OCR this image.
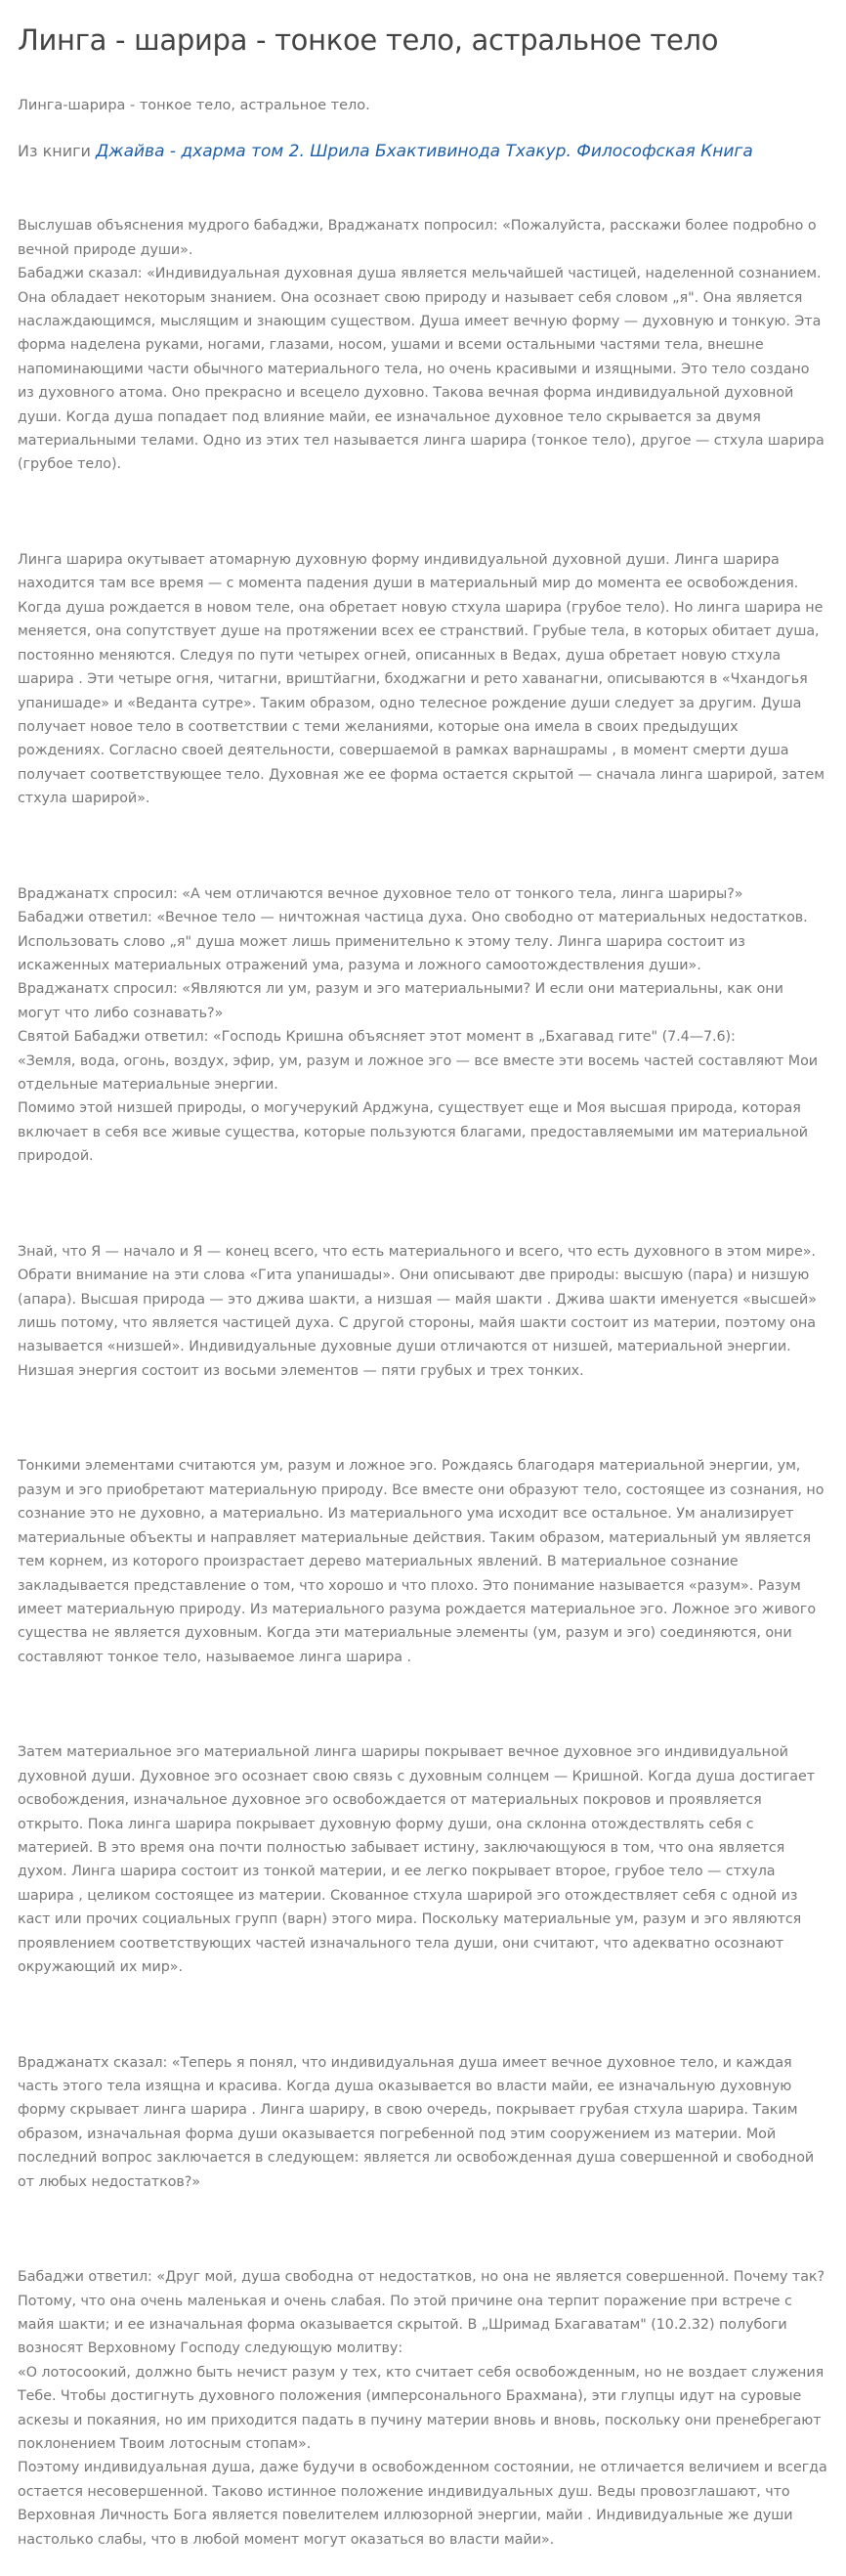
Линга - шарира - тонкое тело, астральное тело

Линга-шарира - тонкое тело, астральное тело.

Из книги Джайва - дхарма том 2. Шрила Бхактивинода Тхакур. Философская Книга

Выслушав объяснения мудрого бабаджи, Враджанатх попросил: «Пожалуйста, расскажи более подробно о вечной природе души».
Бабаджи сказал: «Индивидуальная духовная душа является мельчайшей частицей, наделенной сознанием. Она обладает некоторым знанием. Она осознает свою природу и называет себя словом „я". Она является наслаждающимся, мыслящим и знающим существом. Душа имеет вечную форму — духовную и тонкую. Эта форма наделена руками, ногами, глазами, носом, ушами и всеми остальными частями тела, внешне напоминающими части обычного материального тела, но очень красивыми и изящными. Это тело создано из духовного атома. Оно прекрасно и всецело духовно. Такова вечная форма индивидуальной духовной души. Когда душа попадает под влияние майи, ее изначальное духовное тело скрывается за двумя материальными телами. Одно из этих тел называется линга шарира (тонкое тело), другое — стхула шарира (грубое тело).

Линга шарира окутывает атомарную духовную форму индивидуальной духовной души. Линга шарира находится там все время — с момента падения души в материальный мир до момента ее освобождения. Когда душа рождается в новом теле, она обретает новую стхула шарира (грубое тело). Но линга шарира не меняется, она сопутствует душе на протяжении всех ее странствий. Грубые тела, в которых обитает душа, постоянно меняются. Следуя по пути четырех огней, описанных в Ведах, душа обретает новую стхула шарира . Эти четыре огня, читагни, вриштйагни, бходжагни и рето хаванагни, описываются в «Чхандогья упанишаде» и «Веданта сутре». Таким образом, одно телесное рождение души следует за другим. Душа получает новое тело в соответствии с теми желаниями, которые она имела в своих предыдущих рождениях. Согласно своей деятельности, совершаемой в рамках варнашрамы , в момент смерти душа получает соответствующее тело. Духовная же ее форма остается скрытой — сначала линга шарирой, затем стхула шарирой».

Враджанатх спросил: «А чем отличаются вечное духовное тело от тонкого тела, линга шариры?»
Бабаджи ответил: «Вечное тело — ничтожная частица духа. Оно свободно от материальных недостатков. Использовать слово „я" душа может лишь применительно к этому телу. Линга шарира состоит из искаженных материальных отражений ума, разума и ложного самоотождествления души».
Враджанатх спросил: «Являются ли ум, разум и эго материальными? И если они материальны, как они могут что либо сознавать?»
Святой Бабаджи ответил: «Господь Кришна объясняет этот момент в „Бхагавад гите" (7.4—7.6):
«Земля, вода, огонь, воздух, эфир, ум, разум и ложное эго — все вместе эти восемь частей составляют Мои отдельные материальные энергии.
Помимо этой низшей природы, о могучерукий Арджуна, существует еще и Моя высшая природа, которая включает в себя все живые существа, которые пользуются благами, предоставляемыми им материальной природой.

Знай, что Я — начало и Я — конец всего, что есть материального и всего, что есть духовного в этом мире».
Обрати внимание на эти слова «Гита упанишады». Они описывают две природы: высшую (пара) и низшую (апара). Высшая природа — это джива шакти, а низшая — майя шакти . Джива шакти именуется «высшей» лишь потому, что является частицей духа. С другой стороны, майя шакти состоит из материи, поэтому она называется «низшей». Индивидуальные духовные души отличаются от низшей, материальной энергии. Низшая энергия состоит из восьми элементов — пяти грубых и трех тонких.

Тонкими элементами считаются ум, разум и ложное эго. Рождаясь благодаря материальной энергии, ум, разум и эго приобретают материальную природу. Все вместе они образуют тело, состоящее из сознания, но сознание это не духовно, а материально. Из материального ума исходит все остальное. Ум анализирует материальные объекты и направляет материальные действия. Таким образом, материальный ум является тем корнем, из которого произрастает дерево материальных явлений. В материальное сознание закладывается представление о том, что хорошо и что плохо. Это понимание называется «разум». Разум имеет материальную природу. Из материального разума рождается материальное эго. Ложное эго живого существа не является духовным. Когда эти материальные элементы (ум, разум и эго) соединяются, они составляют тонкое тело, называемое линга шарира .

Затем материальное эго материальной линга шариры покрывает вечное духовное эго индивидуальной духовной души. Духовное эго осознает свою связь с духовным солнцем — Кришной. Когда душа достигает освобождения, изначальное духовное эго освобождается от материальных покровов и проявляется открыто. Пока линга шарира покрывает духовную форму души, она склонна отождествлять себя с материей. В это время она почти полностью забывает истину, заключающуюся в том, что она является духом. Линга шарира состоит из тонкой материи, и ее легко покрывает второе, грубое тело — стхула шарира , целиком состоящее из материи. Скованное стхула шарирой эго отождествляет себя с одной из каст или прочих социальных групп (варн) этого мира. Поскольку материальные ум, разум и эго являются проявлением соответствующих частей изначального тела души, они считают, что адекватно осознают окружающий их мир».

Враджанатх сказал: «Теперь я понял, что индивидуальная душа имеет вечное духовное тело, и каждая часть этого тела изящна и красива. Когда душа оказывается во власти майи, ее изначальную духовную форму скрывает линга шарира . Линга шариру, в свою очередь, покрывает грубая стхула шарира. Таким образом, изначальная форма души оказывается погребенной под этим сооружением из материи. Мой последний вопрос заключается в следующем: является ли освобожденная душа совершенной и свободной от любых недостатков?»

Бабаджи ответил: «Друг мой, душа свободна от недостатков, но она не является совершенной. Почему так? Потому, что она очень маленькая и очень слабая. По этой причине она терпит поражение при встрече с майя шакти; и ее изначальная форма оказывается скрытой. В „Шримад Бхагаватам" (10.2.32) полубоги возносят Верховному Господу следующую молитву:
«О лотосоокий, должно быть нечист разум у тех, кто считает себя освобожденным, но не воздает служения Тебе. Чтобы достигнуть духовного положения (имперсонального Брахмана), эти глупцы идут на суровые аскезы и покаяния, но им приходится падать в пучину материи вновь и вновь, поскольку они пренебрегают поклонением Твоим лотосным стопам».
Поэтому индивидуальная душа, даже будучи в освобожденном состоянии, не отличается величием и всегда остается несовершенной. Таково истинное положение индивидуальных душ. Веды провозглашают, что Верховная Личность Бога является повелителем иллюзорной энергии, майи . Индивидуальные же души настолько слабы, что в любой момент могут оказаться во власти майи».
